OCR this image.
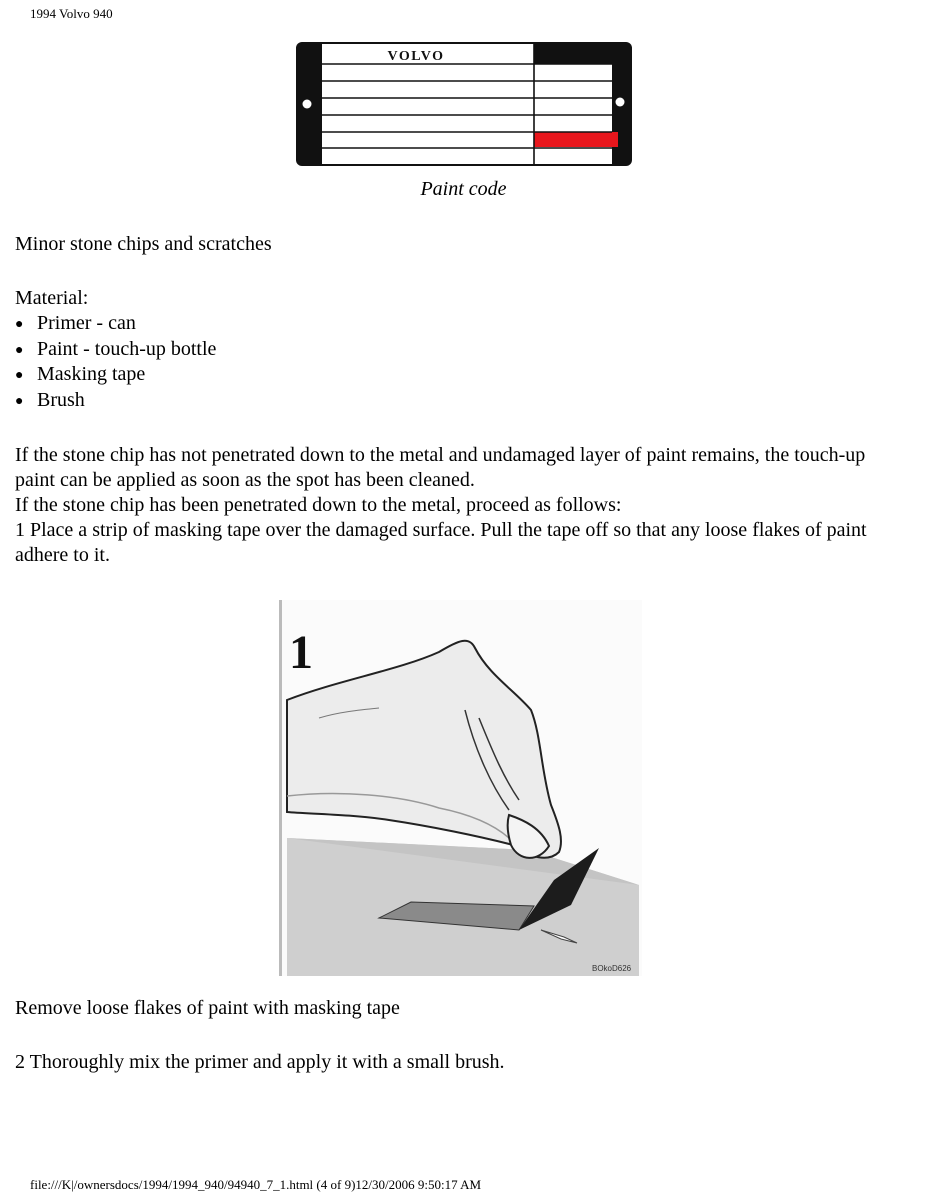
1994 Volvo 940
VOLVO
Paint code
Minor stone chips and scratches
Material:
● Primer - can
● Paint - touch-up bottle
● Masking tape
● Brush

If the stone chip has not penetrated down to the metal and undamaged layer of paint remains, the touch-up paint can be applied as soon as the spot has been cleaned.

If the stone chip has been penetrated down to the metal, proceed as follows:

1 Place a strip of masking tape over the damaged surface. Pull the tape off so that any loose flakes of paint adhere to it.

1
BOkoD626
Remove loose flakes of paint with masking tape
2 Thoroughly mix the primer and apply it with a small brush.
file:///K|/ownersdocs/1994/1994_940/94940_7_1.html (4 of 9)12/30/2006 9:50:17 AM
